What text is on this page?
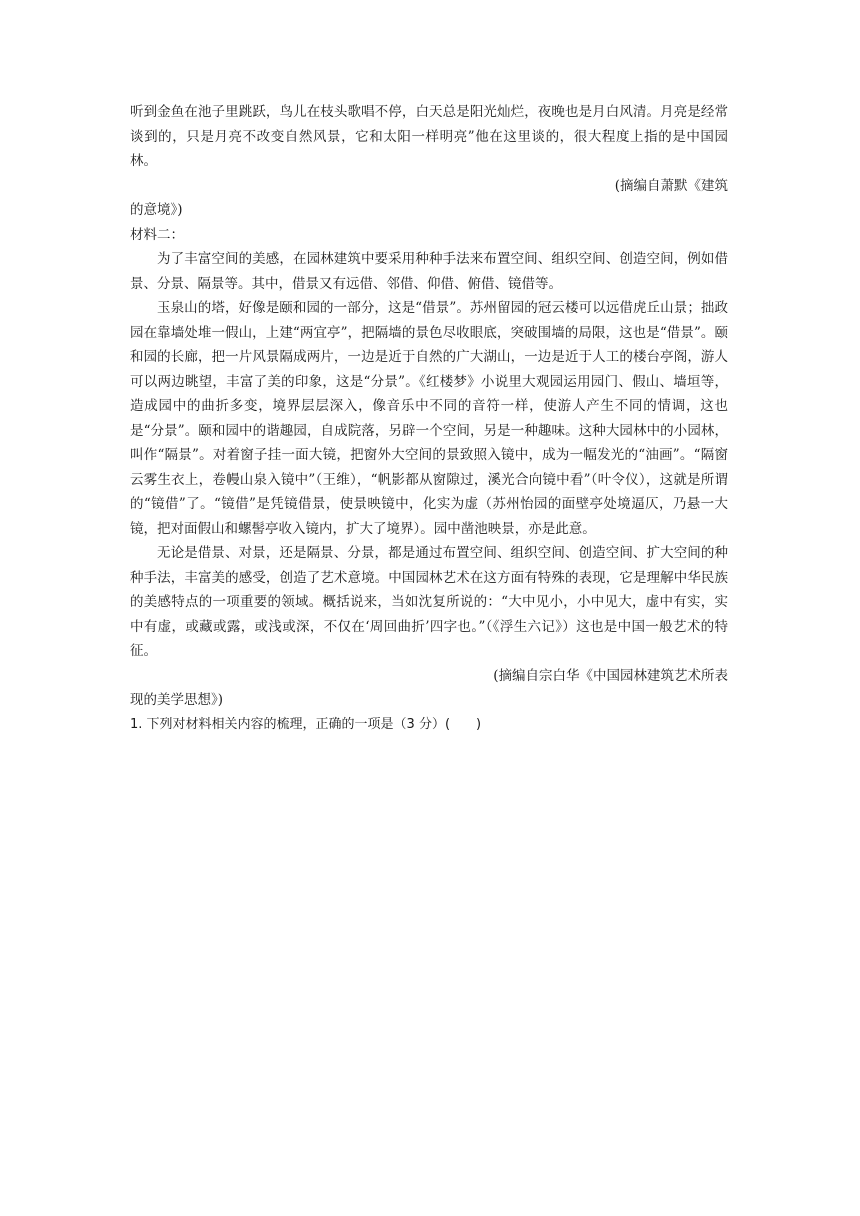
听到金鱼在池子里跳跃，鸟儿在枝头歌唱不停，白天总是阳光灿烂，夜晚也是月白风清。月亮是经常谈到的，只是月亮不改变自然风景，它和太阳一样明亮”他在这里谈的，很大程度上指的是中国园林。

(摘编自萧默《建筑

的意境》)

材料二：

为了丰富空间的美感，在园林建筑中要采用种种手法来布置空间、组织空间、创造空间，例如借景、分景、隔景等。其中，借景又有远借、邻借、仰借、俯借、镜借等。

玉泉山的塔，好像是颐和园的一部分，这是“借景”。苏州留园的冠云楼可以远借虎丘山景；拙政园在靠墙处堆一假山，上建“两宜亭”，把隔墙的景色尽收眼底，突破围墙的局限，这也是“借景”。颐和园的长廊，把一片风景隔成两片，一边是近于自然的广大湖山，一边是近于人工的楼台亭阁，游人可以两边眺望，丰富了美的印象，这是“分景”。《红楼梦》小说里大观园运用园门、假山、墙垣等，造成园中的曲折多变，境界层层深入，像音乐中不同的音符一样，使游人产生不同的情调，这也是“分景”。颐和园中的谐趣园，自成院落，另辟一个空间，另是一种趣味。这种大园林中的小园林，叫作“隔景”。对着窗子挂一面大镜，把窗外大空间的景致照入镜中，成为一幅发光的“油画”。“隔窗云雾生衣上，卷幔山泉入镜中”（王维），“帆影都从窗隙过，溪光合向镜中看”（叶令仪），这就是所谓的“镜借”了。“镜借”是凭镜借景，使景映镜中，化实为虚（苏州怡园的面壁亭处境逼仄，乃悬一大镜，把对面假山和螺髻亭收入镜内，扩大了境界）。园中凿池映景，亦是此意。

无论是借景、对景，还是隔景、分景，都是通过布置空间、组织空间、创造空间、扩大空间的种种手法，丰富美的感受，创造了艺术意境。中国园林艺术在这方面有特殊的表现，它是理解中华民族的美感特点的一项重要的领域。概括说来，当如沈复所说的：“大中见小，小中见大，虚中有实，实中有虚，或藏或露，或浅或深，不仅在‘周回曲折’四字也。”（《浮生六记》）这也是中国一般艺术的特征。

(摘编自宗白华《中国园林建筑艺术所表

现的美学思想》)

1. 下列对材料相关内容的梳理，正确的一项是（3 分）(　　)
